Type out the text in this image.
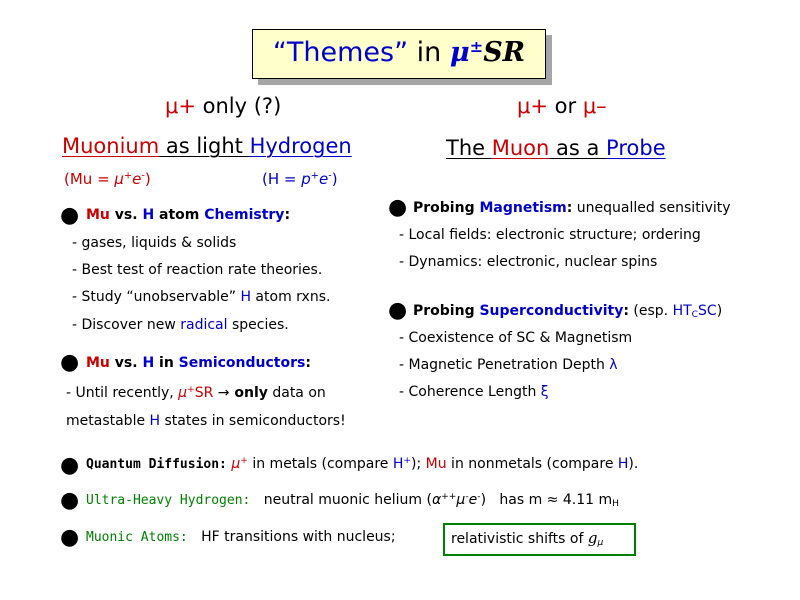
“Themes” in μ±SR
μ+ only (?)
Muonium as light Hydrogen
(Mu = μ+e-)	(H = p+e-)
● Mu vs. H atom Chemistry:
- gases, liquids & solids
- Best test of reaction rate theories.
- Study “unobservable” H atom rxns.
- Discover new radical species.
● Mu vs. H in Semiconductors:
- Until recently, μ+SR → only data on
metastable H states in semiconductors!
μ+ or μ–
The Muon as a Probe
● Probing Magnetism: unequalled sensitivity
- Local fields: electronic structure; ordering
- Dynamics: electronic, nuclear spins
● Probing Superconductivity: (esp. $HT_CSC$)
- Coexistence of SC & Magnetism
- Magnetic Penetration Depth λ
- Coherence Length ξ
● Quantum Diffusion: μ+ in metals (compare H+); Mu in nonmetals (compare H).
● Ultra-Heavy Hydrogen: neutral muonic helium (α++μ-e-) has m ≈ 4.11 $m_H$
● Muonic Atoms: HF transitions with nucleus;	relativistic shifts of $g_\mu$
